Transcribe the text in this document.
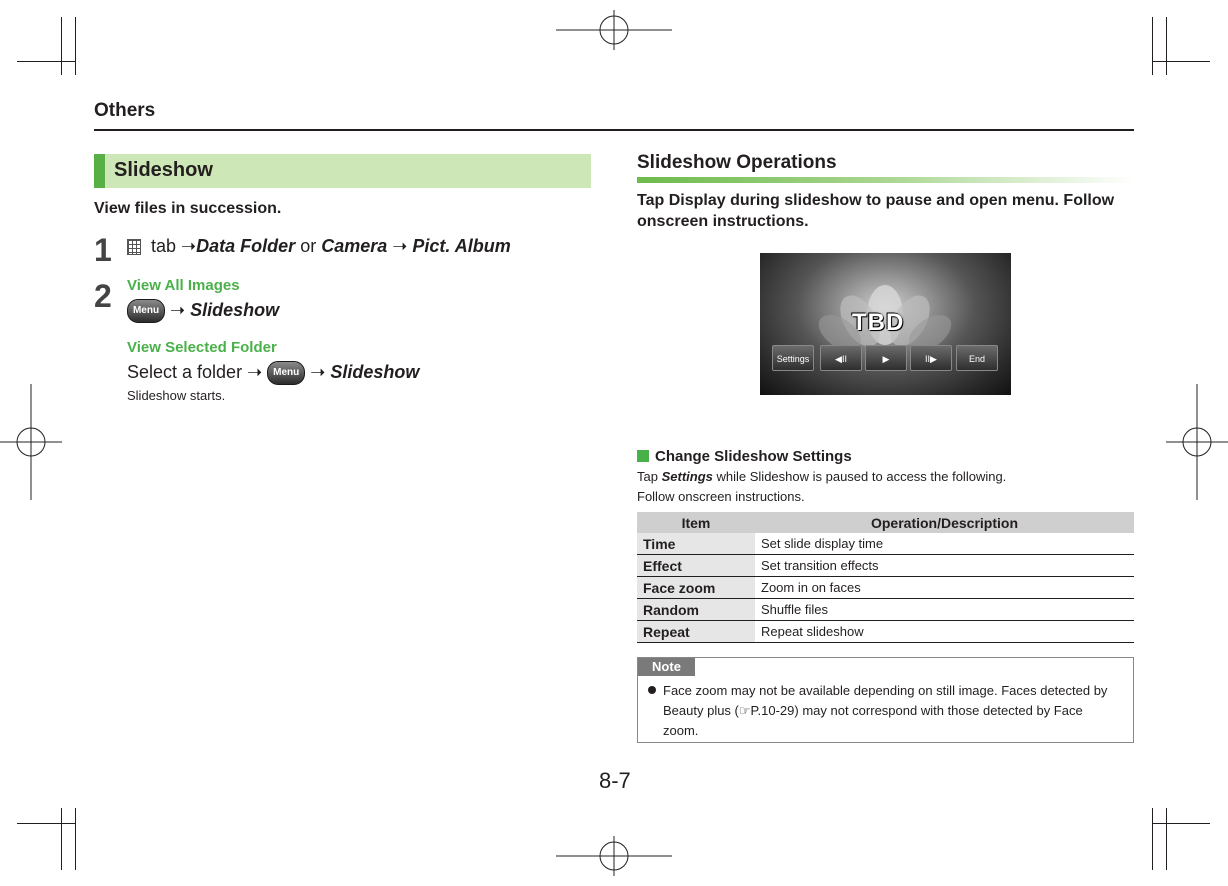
Others
Slideshow
View files in succession.
1	tab ➝Data Folder or Camera ➝ Pict. Album
2 View All Images
Menu ➝ Slideshow
View Selected Folder
Select a folder ➝ Menu ➝ Slideshow
Slideshow starts.
Slideshow Operations
Tap Display during slideshow to pause and open menu. Follow onscreen instructions.
TBD
Settings	◀II	▶	II▶	End
Change Slideshow Settings
Tap Settings while Slideshow is paused to access the following.
Follow onscreen instructions.
Item	Operation/Description
Time	Set slide display time
Effect	Set transition effects
Face zoom	Zoom in on faces
Random	Shuffle files
Repeat	Repeat slideshow
Note
Face zoom may not be available depending on still image. Faces detected by
Beauty plus (☞P.10-29) may not correspond with those detected by Face
zoom.
8-7
